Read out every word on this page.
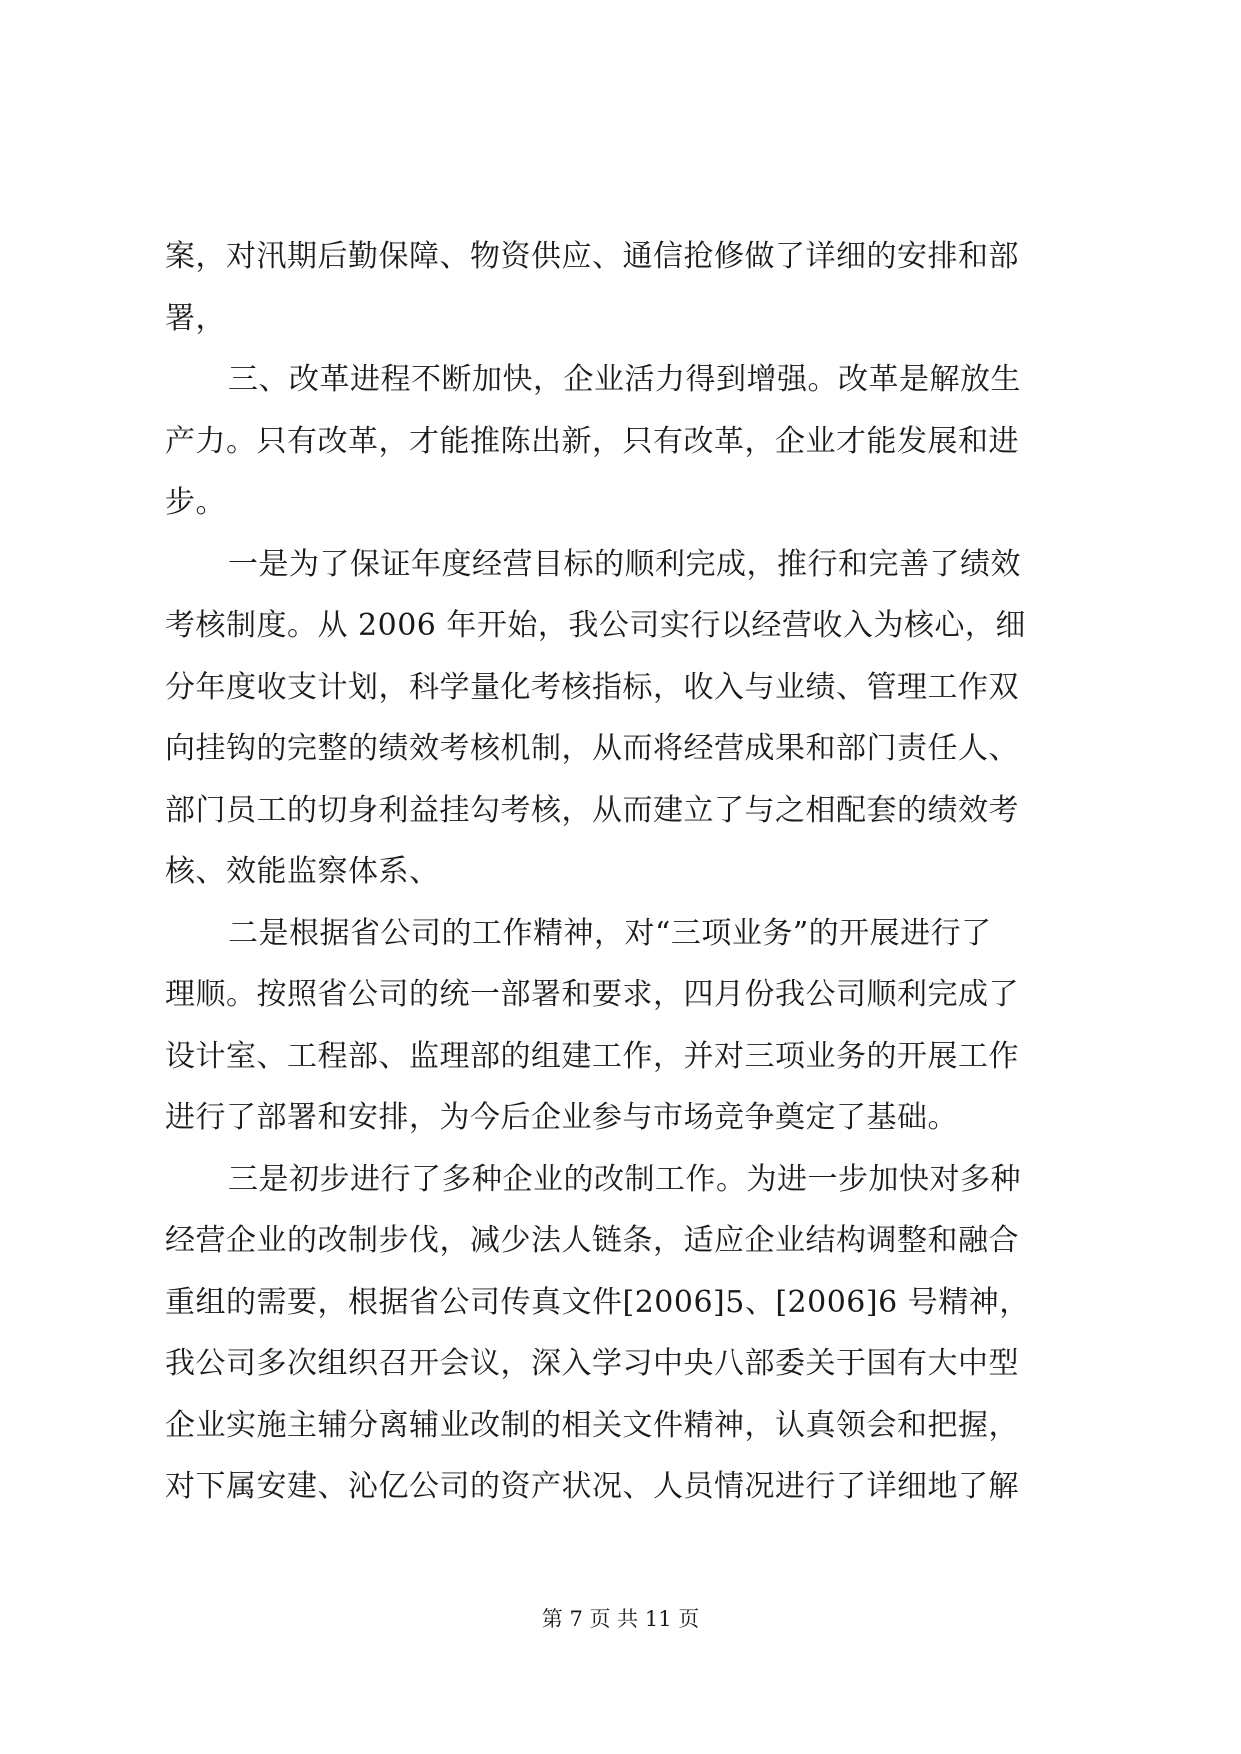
案，对汛期后勤保障、物资供应、通信抢修做了详细的安排和部
署，
三、改革进程不断加快，企业活力得到增强。改革是解放生
产力。只有改革，才能推陈出新，只有改革，企业才能发展和进
步。
一是为了保证年度经营目标的顺利完成，推行和完善了绩效
考核制度。从 2006 年开始，我公司实行以经营收入为核心，细
分年度收支计划，科学量化考核指标，收入与业绩、管理工作双
向挂钩的完整的绩效考核机制，从而将经营成果和部门责任人、
部门员工的切身利益挂勾考核，从而建立了与之相配套的绩效考
核、效能监察体系、
二是根据省公司的工作精神，对“三项业务”的开展进行了
理顺。按照省公司的统一部署和要求，四月份我公司顺利完成了
设计室、工程部、监理部的组建工作，并对三项业务的开展工作
进行了部署和安排，为今后企业参与市场竞争奠定了基础。
三是初步进行了多种企业的改制工作。为进一步加快对多种
经营企业的改制步伐，减少法人链条，适应企业结构调整和融合
重组的需要，根据省公司传真文件[2006]5、[2006]6 号精神，
我公司多次组织召开会议，深入学习中央八部委关于国有大中型
企业实施主辅分离辅业改制的相关文件精神，认真领会和把握，
对下属安建、沁亿公司的资产状况、人员情况进行了详细地了解
第 7 页 共 11 页
